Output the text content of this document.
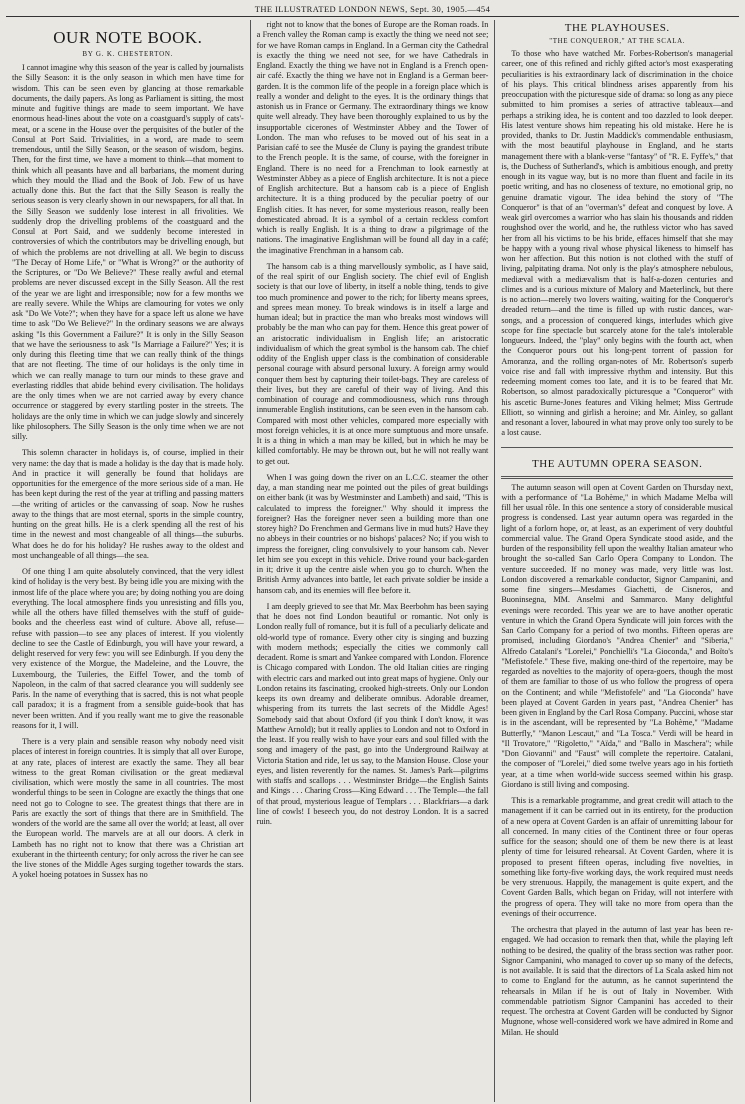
THE ILLUSTRATED LONDON NEWS, Sept. 30, 1905.—454
OUR NOTE BOOK.
BY G. K. CHESTERTON.

I cannot imagine why this season of the year is called by journalists the Silly Season: it is the only season in which men have time for wisdom. This can be seen even by glancing at those remarkable documents, the daily papers. As long as Parliament is sitting, the most minute and fugitive things are made to seem important. We have enormous head-lines about the vote on a coastguard's supply of cats'-meat, or a scene in the House over the perquisites of the butler of the Consul at Port Said. Trivialities, in a word, are made to seem tremendous, until the Silly Season, or the season of wisdom, begins. Then, for the first time, we have a moment to think—that moment to think which all peasants have and all barbarians, the moment during which they mould the Iliad and the Book of Job. Few of us have actually done this. But the fact that the Silly Season is really the serious season is very clearly shown in our newspapers, for all that. In the Silly Season we suddenly lose interest in all frivolities. We suddenly drop the drivelling problems of the coastguard and the Consul at Port Said, and we suddenly become interested in controversies of which the contributors may be drivelling enough, but of which the problems are not drivelling at all. We begin to discuss "The Decay of Home Life," or "What is Wrong?" or the authority of the Scriptures, or "Do We Believe?" These really awful and eternal problems are never discussed except in the Silly Season. All the rest of the year we are light and irresponsible; now for a few months we are really severe. While the Whips are clamouring for votes we only ask "Do We Vote?"; when they have for a space left us alone we have time to ask "Do We Believe?" In the ordinary seasons we are always asking "Is this Government a Failure?" It is only in the Silly Season that we have the seriousness to ask "Is Marriage a Failure?" Yes; it is only during this fleeting time that we can really think of the things that are not fleeting. The time of our holidays is the only time in which we can really manage to turn our minds to these grave and everlasting riddles that abide behind every civilisation. The holidays are the only times when we are not carried away by every chance occurrence or staggered by every startling poster in the streets. The holidays are the only time in which we can judge slowly and sincerely like philosophers. The Silly Season is the only time when we are not silly.

This solemn character in holidays is, of course, implied in their very name: the day that is made a holiday is the day that is made holy. And in practice it will generally be found that holidays are opportunities for the emergence of the more serious side of a man. He has been kept during the rest of the year at trifling and passing matters—the writing of articles or the canvassing of soap. Now he rushes away to the things that are most eternal, sports in the simple country, hunting on the great hills. He is a clerk spending all the rest of his time in the newest and most changeable of all things—the suburbs. What does he do for his holiday? He rushes away to the oldest and most unchangeable of all things—the sea.

Of one thing I am quite absolutely convinced, that the very idlest kind of holiday is the very best. By being idle you are mixing with the inmost life of the place where you are; by doing nothing you are doing everything. The local atmosphere finds you unresisting and fills you, while all the others have filled themselves with the stuff of guide-books and the cheerless east wind of culture. Above all, refuse—refuse with passion—to see any places of interest. If you violently decline to see the Castle of Edinburgh, you will have your reward, a delight reserved for very few: you will see Edinburgh. If you deny the very existence of the Morgue, the Madeleine, and the Louvre, the Luxembourg, the Tuileries, the Eiffel Tower, and the tomb of Napoleon, in the calm of that sacred clearance you will suddenly see Paris. In the name of everything that is sacred, this is not what people call paradox; it is a fragment from a sensible guide-book that has never been written. And if you really want me to give the reasonable reasons for it, I will.

There is a very plain and sensible reason why nobody need visit places of interest in foreign countries. It is simply that all over Europe, at any rate, places of interest are exactly the same. They all bear witness to the great Roman civilisation or the great mediæval civilisation, which were mostly the same in all countries. The most wonderful things to be seen in Cologne are exactly the things that one need not go to Cologne to see. The greatest things that there are in Paris are exactly the sort of things that there are in Smithfield. The wonders of the world are the same all over the world; at least, all over the European world. The marvels are at all our doors. A clerk in Lambeth has no right not to know that there was a Christian art exuberant in the thirteenth century; for only across the river he can see the live stones of the Middle Ages surging together towards the stars. A yokel hoeing potatoes in Sussex has no

right not to know that the bones of Europe are the Roman roads. In a French valley the Roman camp is exactly the thing we need not see; for we have Roman camps in England. In a German city the Cathedral is exactly the thing we need not see, for we have Cathedrals in England. Exactly the thing we have not in England is a French open-air café. Exactly the thing we have not in England is a German beer-garden. It is the common life of the people in a foreign place which is really a wonder and delight to the eyes. It is the ordinary things that astonish us in France or Germany. The extraordinary things we know quite well already. They have been thoroughly explained to us by the insupportable cicerones of Westminster Abbey and the Tower of London. The man who refuses to be moved out of his seat in a Parisian café to see the Musée de Cluny is paying the grandest tribute to the French people. It is the same, of course, with the foreigner in England. There is no need for a Frenchman to look earnestly at Westminster Abbey as a piece of English architecture. It is not a piece of English architecture. But a hansom cab is a piece of English architecture. It is a thing produced by the peculiar poetry of our English cities. It has never, for some mysterious reason, really been domesticated abroad. It is a symbol of a certain reckless comfort which is really English. It is a thing to draw a pilgrimage of the nations. The imaginative Englishman will be found all day in a café; the imaginative Frenchman in a hansom cab.

The hansom cab is a thing marvellously symbolic, as I have said, of the real spirit of our English society. The chief evil of English society is that our love of liberty, in itself a noble thing, tends to give too much prominence and power to the rich; for liberty means sprees, and sprees mean money. To break windows is in itself a large and human ideal; but in practice the man who breaks most windows will probably be the man who can pay for them. Hence this great power of an aristocratic individualism in English life; an aristocratic individualism of which the great symbol is the hansom cab. The chief oddity of the English upper class is the combination of considerable personal courage with absurd personal luxury. A foreign army would conquer them best by capturing their toilet-bags. They are careless of their lives, but they are careful of their way of living. And this combination of courage and commodiousness, which runs through innumerable English institutions, can be seen even in the hansom cab. Compared with most other vehicles, compared more especially with most foreign vehicles, it is at once more sumptuous and more unsafe. It is a thing in which a man may be killed, but in which he may be killed comfortably. He may be thrown out, but he will not really want to get out.

When I was going down the river on an L.C.C. steamer the other day, a man standing near me pointed out the piles of great buildings on either bank (it was by Westminster and Lambeth) and said, "This is calculated to impress the foreigner." Why should it impress the foreigner? Has the foreigner never seen a building more than one storey high? Do Frenchmen and Germans live in mud huts? Have they no abbeys in their countries or no bishops' palaces? No; if you wish to impress the foreigner, cling convulsively to your hansom cab. Never let him see you except in this vehicle. Drive round your back-garden in it; drive it up the centre aisle when you go to church. When the British Army advances into battle, let each private soldier be inside a hansom cab, and its enemies will flee before it.

I am deeply grieved to see that Mr. Max Beerbohm has been saying that he does not find London beautiful or romantic. Not only is London really full of romance, but it is full of a peculiarly delicate and old-world type of romance. Every other city is singing and buzzing with modern methods; especially the cities we commonly call decadent. Rome is smart and Yankee compared with London. Florence is Chicago compared with London. The old Italian cities are ringing with electric cars and marked out into great maps of hygiene. Only our London retains its fascinating, crooked high-streets. Only our London keeps its own dreamy and deliberate omnibus. Adorable dreamer, whispering from its turrets the last secrets of the Middle Ages! Somebody said that about Oxford (if you think I don't know, it was Matthew Arnold); but it really applies to London and not to Oxford in the least. If you really wish to have your ears and soul filled with the song and imagery of the past, go into the Underground Railway at Victoria Station and ride, let us say, to the Mansion House. Close your eyes, and listen reverently for the names. St. James's Park—pilgrims with staffs and scallops . . . Westminster Bridge—the English Saints and Kings . . . Charing Cross—King Edward . . . The Temple—the fall of that proud, mysterious league of Templars . . . Blackfriars—a dark line of cowls! I beseech you, do not destroy London. It is a sacred ruin.

THE PLAYHOUSES.
"THE CONQUEROR," AT THE SCALA.

To those who have watched Mr. Forbes-Robertson's managerial career, one of this refined and richly gifted actor's most exasperating peculiarities is his extraordinary lack of discrimination in the choice of his plays. This critical blindness arises apparently from his preoccupation with the picturesque side of drama: so long as any piece submitted to him promises a series of attractive tableaux—and perhaps a striking idea, he is content and too dazzled to look deeper. His latest venture shows him repeating his old mistake. Here he is provided, thanks to Dr. Justin Maddick's commendable enthusiasm, with the most beautiful playhouse in England, and he starts management there with a blank-verse "fantasy" of "R. E. Fyffe's," that is, the Duchess of Sutherland's, which is ambitious enough, and pretty enough in its vague way, but is no more than fluent and facile in its poetic writing, and has no closeness of texture, no emotional grip, no genuine dramatic vigour. The idea behind the story of "The Conqueror" is that of an "overman's" defeat and conquest by love. A weak girl overcomes a warrior who has slain his thousands and ridden roughshod over the world, and he, the ruthless victor who has saved her from all his victims to be his bride, effaces himself that she may be happy with a young rival whose physical likeness to himself has won her affection. But this notion is not clothed with the stuff of living, palpitating drama. Not only is the play's atmosphere nebulous, mediæval with a mediævalism that is half-a-dozen centuries and climes and is a curious mixture of Malory and Maeterlinck, but there is no action—merely two lovers waiting, waiting for the Conqueror's dreaded return—and the time is filled up with rustic dances, war-songs, and a procession of conquered kings, interludes which give scope for fine spectacle but scarcely atone for the tale's intolerable longueurs. Indeed, the "play" only begins with the fourth act, when the Conqueror pours out his long-pent torrent of passion for Amoranza, and the rolling organ-notes of Mr. Robertson's superb voice rise and fall with impressive rhythm and intensity. But this redeeming moment comes too late, and it is to be feared that Mr. Robertson, so almost paradoxically picturesque a "Conqueror" with his ascetic Burne-Jones features and Viking helmet; Miss Gertrude Elliott, so winning and girlish a heroine; and Mr. Ainley, so gallant and resonant a lover, laboured in what may prove only too surely to be a lost cause.

THE AUTUMN OPERA SEASON.

The autumn season will open at Covent Garden on Thursday next, with a performance of "La Bohème," in which Madame Melba will fill her usual rôle. In this one sentence a story of considerable musical progress is condensed. Last year autumn opera was regarded in the light of a forlorn hope, or, at least, as an experiment of very doubtful commercial value. The Grand Opera Syndicate stood aside, and the burden of the responsibility fell upon the wealthy Italian amateur who brought the so-called San Carlo Opera Company to London. The venture succeeded. If no money was made, very little was lost. London discovered a remarkable conductor, Signor Campanini, and some fine singers—Mesdames Giachetti, de Cisneros, and Buoninsegna, MM. Anselmi and Sammarco. Many delightful evenings were recorded. This year we are to have another operatic venture in which the Grand Opera Syndicate will join forces with the San Carlo Company for a period of two months. Fifteen operas are promised, including Giordano's "Andrea Chenier" and "Siberia," Alfredo Catalani's "Lorelei," Ponchielli's "La Gioconda," and Boïto's "Mefistofele." These five, making one-third of the repertoire, may be regarded as novelties to the majority of opera-goers, though the most of them are familiar to those of us who follow the progress of opera on the Continent; and while "Mefistofele" and "La Gioconda" have been played at Covent Garden in years past, "Andrea Chenier" has been given in England by the Carl Rosa Company. Puccini, whose star is in the ascendant, will be represented by "La Bohème," "Madame Butterfly," "Manon Lescaut," and "La Tosca." Verdi will be heard in "Il Trovatore," "Rigoletto," "Aïda," and "Ballo in Maschera"; while "Don Giovanni" and "Faust" will complete the repertoire. Catalani, the composer of "Lorelei," died some twelve years ago in his fortieth year, at a time when world-wide success seemed within his grasp. Giordano is still living and composing.

This is a remarkable programme, and great credit will attach to the management if it can be carried out in its entirety, for the production of a new opera at Covent Garden is an affair of unremitting labour for all concerned. In many cities of the Continent three or four operas suffice for the season; should one of them be new there is at least plenty of time for leisured rehearsal. At Covent Garden, where it is proposed to present fifteen operas, including five novelties, in something like forty-five working days, the work required must needs be very strenuous. Happily, the management is quite expert, and the Covent Garden Balls, which began on Friday, will not interfere with the progress of opera. They will take no more from opera than the evenings of their occurrence.

The orchestra that played in the autumn of last year has been re-engaged. We had occasion to remark then that, while the playing left nothing to be desired, the quality of the brass section was rather poor. Signor Campanini, who managed to cover up so many of the defects, is not available. It is said that the directors of La Scala asked him not to come to England for the autumn, as he cannot superintend the rehearsals in Milan if he is out of Italy in November. With commendable patriotism Signor Campanini has acceded to their request. The orchestra at Covent Garden will be conducted by Signor Mugnone, whose well-considered work we have admired in Rome and Milan. He should
